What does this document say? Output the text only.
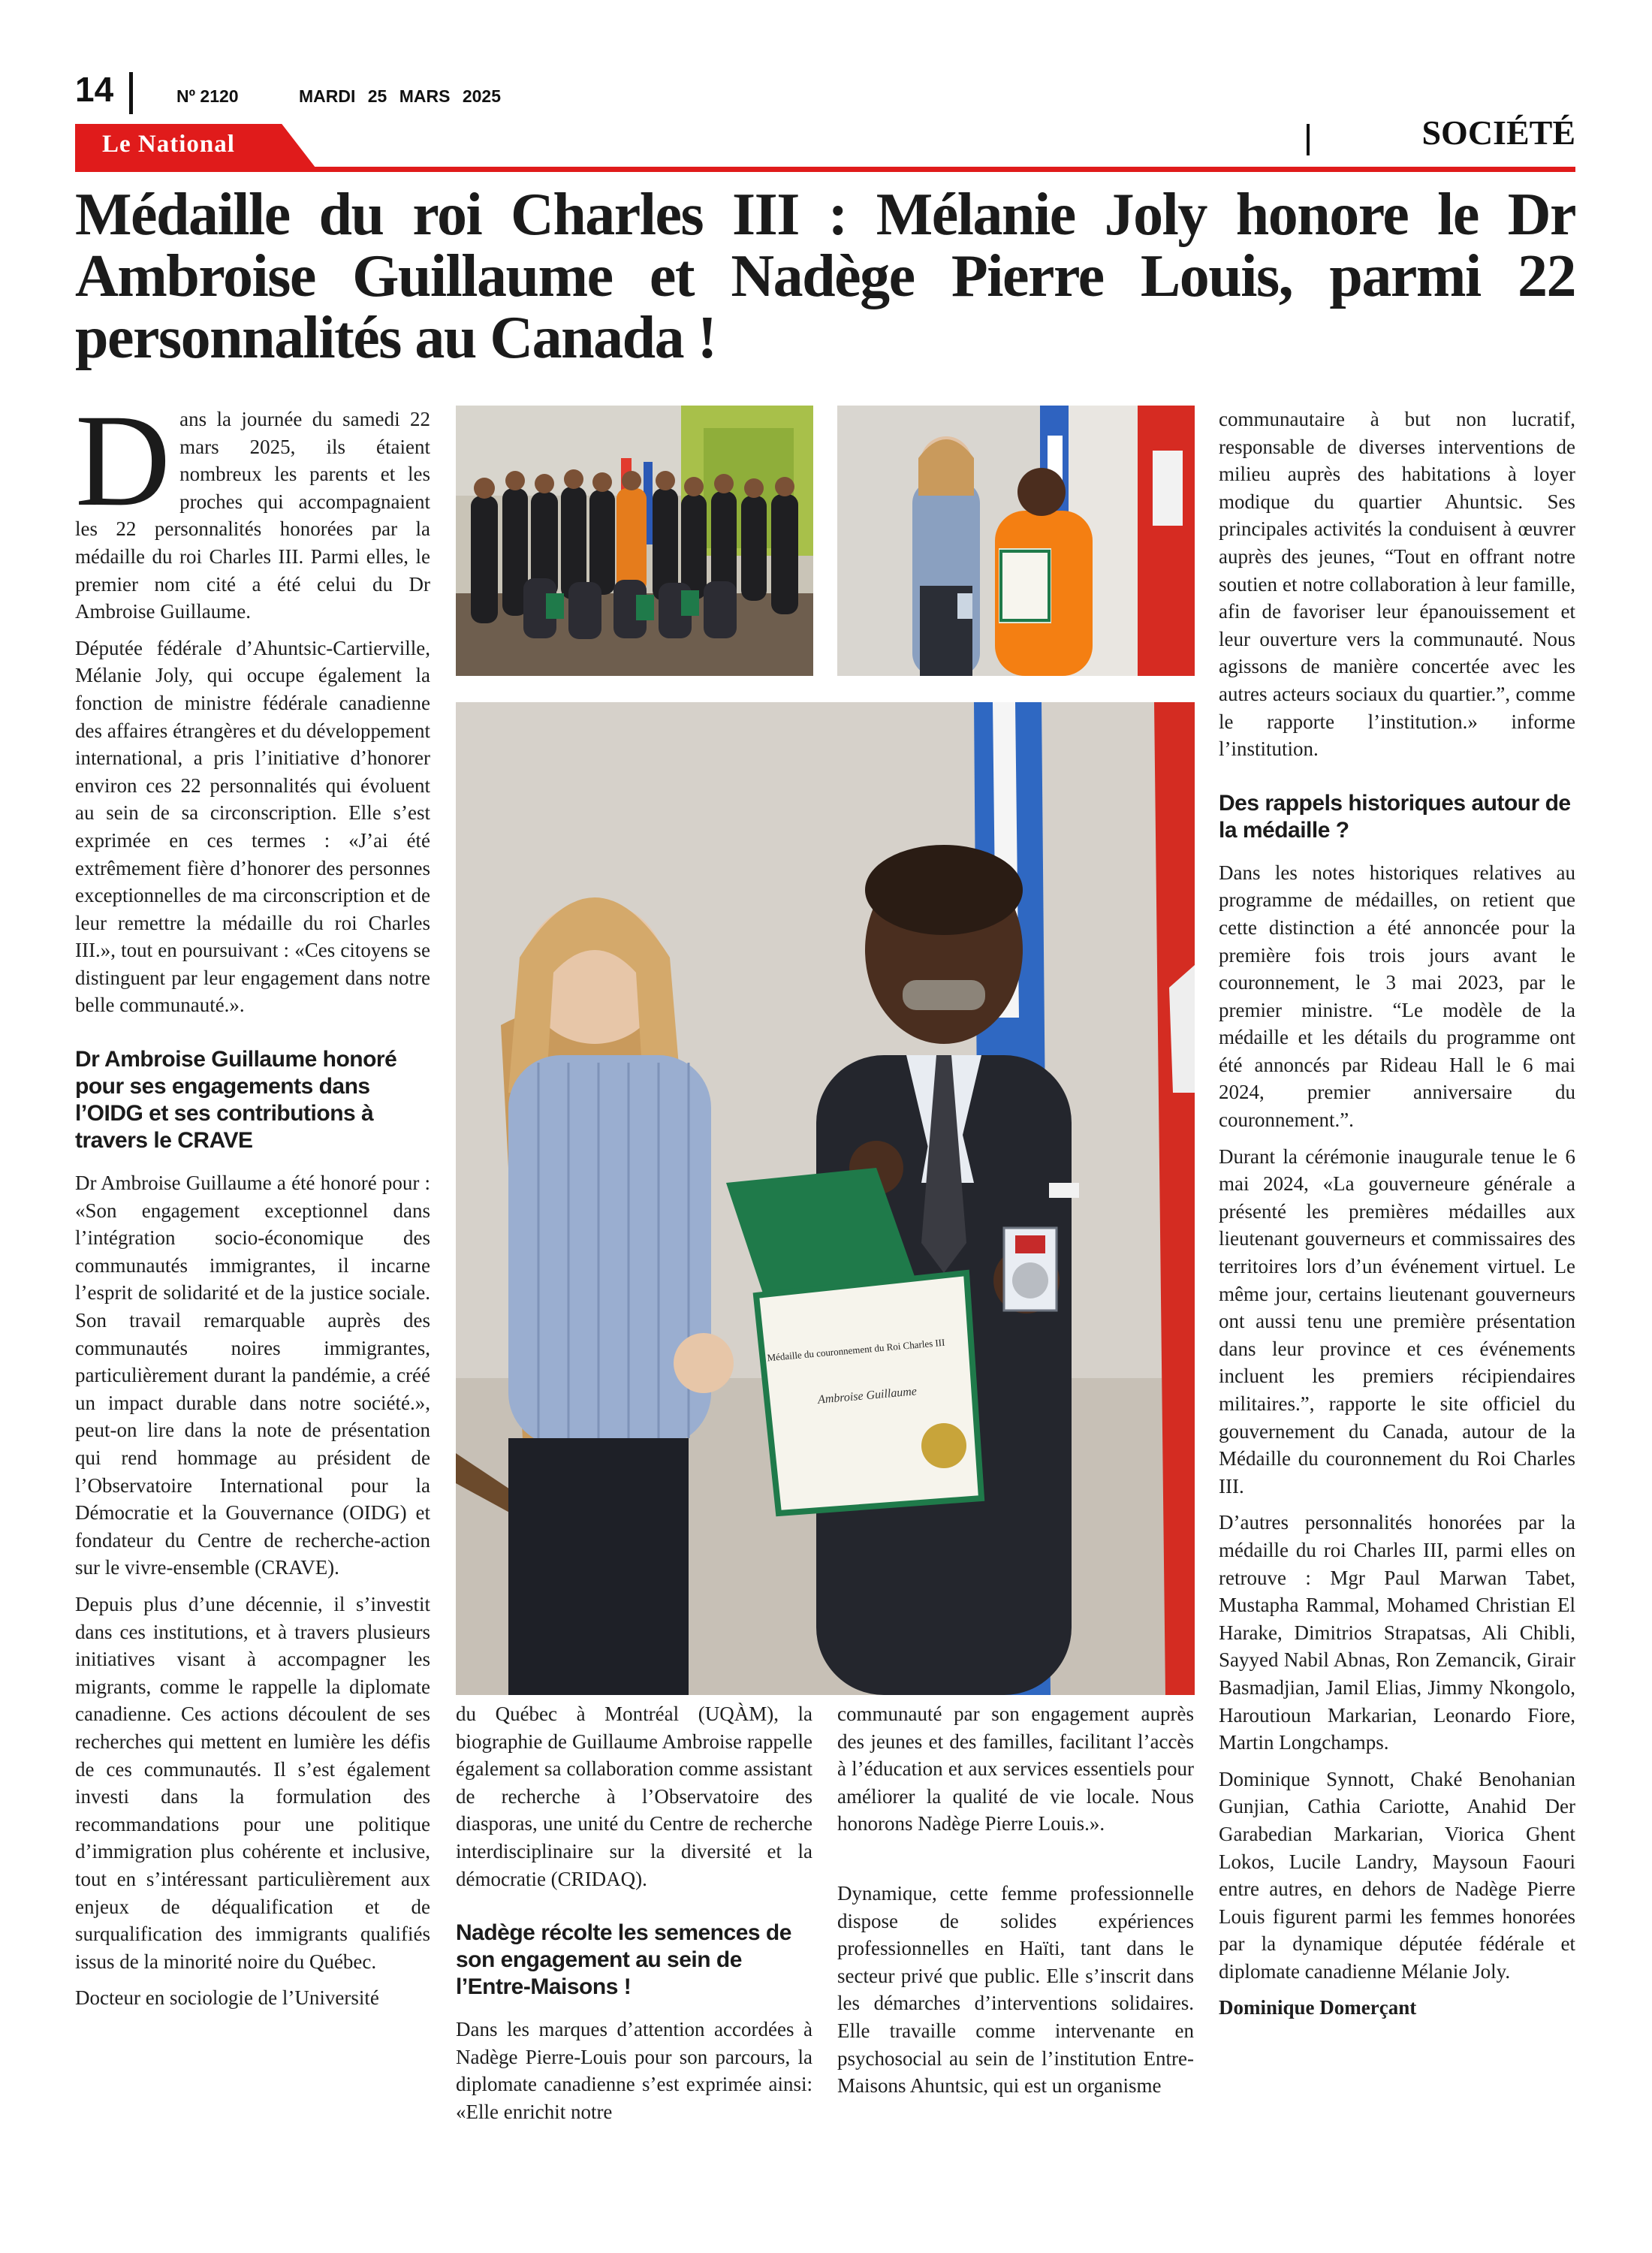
14	Nº 2120	MARDI 25 MARS 2025
Le National	SOCIÉTÉ
Médaille du roi Charles III : Mélanie Joly honore le Dr Ambroise Guillaume et Nadège Pierre Louis, parmi 22 personnalités au Canada !

Dans la journée du samedi 22 mars 2025, ils étaient nombreux les parents et les proches qui accompagnaient les 22 personnalités honorées par la médaille du roi Charles III. Parmi elles, le premier nom cité a été celui du Dr Ambroise Guillaume.

Députée fédérale d’Ahuntsic-Cartierville, Mélanie Joly, qui occupe également la fonction de ministre fédérale canadienne des affaires étrangères et du développement international, a pris l’initiative d’honorer environ ces 22 personnalités qui évoluent au sein de sa circonscription. Elle s’est exprimée en ces termes : «J’ai été extrêmement fière d’honorer des personnes exceptionnelles de ma circonscription et de leur remettre la médaille du roi Charles III.», tout en poursuivant : «Ces citoyens se distinguent par leur engagement dans notre belle communauté.».

Dr Ambroise Guillaume honoré pour ses engagements dans l’OIDG et ses contributions à travers le CRAVE

Dr Ambroise Guillaume a été honoré pour : «Son engagement exceptionnel dans l’intégration socio-économique des communautés immigrantes, il incarne l’esprit de solidarité et de la justice sociale. Son travail remarquable auprès des communautés noires immigrantes, particulièrement durant la pandémie, a créé un impact durable dans notre société.», peut-on lire dans la note de présentation qui rend hommage au président de l’Observatoire International pour la Démocratie et la Gouvernance (OIDG) et fondateur du Centre de recherche-action sur le vivre-ensemble (CRAVE).

Depuis plus d’une décennie, il s’investit dans ces institutions, et à travers plusieurs initiatives visant à accompagner les migrants, comme le rappelle la diplomate canadienne. Ces actions découlent de ses recherches qui mettent en lumière les défis de ces communautés. Il s’est également investi dans la formulation des recommandations pour une politique d’immigration plus cohérente et inclusive, tout en s’intéressant particulièrement aux enjeux de déqualification et de surqualification des immigrants qualifiés issus de la minorité noire du Québec.

Docteur en sociologie de l’Université

Médaille du couronnement du Roi Charles III
Ambroise Guillaume

du Québec à Montréal (UQÀM), la biographie de Guillaume Ambroise rappelle également sa collaboration comme assistant de recherche à l’Observatoire des diasporas, une unité du Centre de recherche interdisciplinaire sur la diversité et la démocratie (CRIDAQ).

Nadège récolte les semences de son engagement au sein de l’Entre-Maisons !

Dans les marques d’attention accordées à Nadège Pierre-Louis pour son parcours, la diplomate canadienne s’est exprimée ainsi: «Elle enrichit notre

communauté par son engagement auprès des jeunes et des familles, facilitant l’accès à l’éducation et aux services essentiels pour améliorer la qualité de vie locale. Nous honorons Nadège Pierre Louis.».

Dynamique, cette femme professionnelle dispose de solides expériences professionnelles en Haïti, tant dans le secteur privé que public. Elle s’inscrit dans les démarches d’interventions solidaires. Elle travaille comme intervenante en psychosocial au sein de l’institution Entre-Maisons Ahuntsic, qui est un organisme

communautaire à but non lucratif, responsable de diverses interventions de milieu auprès des habitations à loyer modique du quartier Ahuntsic. Ses principales activités la conduisent à œuvrer auprès des jeunes, “Tout en offrant notre soutien et notre collaboration à leur famille, afin de favoriser leur épanouissement et leur ouverture vers la communauté. Nous agissons de manière concertée avec les autres acteurs sociaux du quartier.”, comme le rapporte l’institution.» informe l’institution.

Des rappels historiques autour de la médaille ?

Dans les notes historiques relatives au programme de médailles, on retient que cette distinction a été annoncée pour la première fois trois jours avant le couronnement, le 3 mai 2023, par le premier ministre. “Le modèle de la médaille et les détails du programme ont été annoncés par Rideau Hall le 6 mai 2024, premier anniversaire du couronnement.”.

Durant la cérémonie inaugurale tenue le 6 mai 2024, «La gouverneure générale a présenté les premières médailles aux lieutenant gouverneurs et commissaires des territoires lors d’un événement virtuel. Le même jour, certains lieutenant gouverneurs ont aussi tenu une première présentation dans leur province et ces événements incluent les premiers récipiendaires militaires.”, rapporte le site officiel du gouvernement du Canada, autour de la Médaille du couronnement du Roi Charles III.

D’autres personnalités honorées par la médaille du roi Charles III, parmi elles on retrouve : Mgr Paul Marwan Tabet, Mustapha Rammal, Mohamed Christian El Harake, Dimitrios Strapatsas, Ali Chibli, Sayyed Nabil Abnas, Ron Zemancik, Girair Basmadjian, Jamil Elias, Jimmy Nkongolo, Haroutioun Markarian, Leonardo Fiore, Martin Longchamps.

Dominique Synnott, Chaké Benohanian Gunjian, Cathia Cariotte, Anahid Der Garabedian Markarian, Viorica Ghent Lokos, Lucile Landry, Maysoun Faouri entre autres, en dehors de Nadège Pierre Louis figurent parmi les femmes honorées par la dynamique députée fédérale et diplomate canadienne Mélanie Joly.

Dominique Domerçant
